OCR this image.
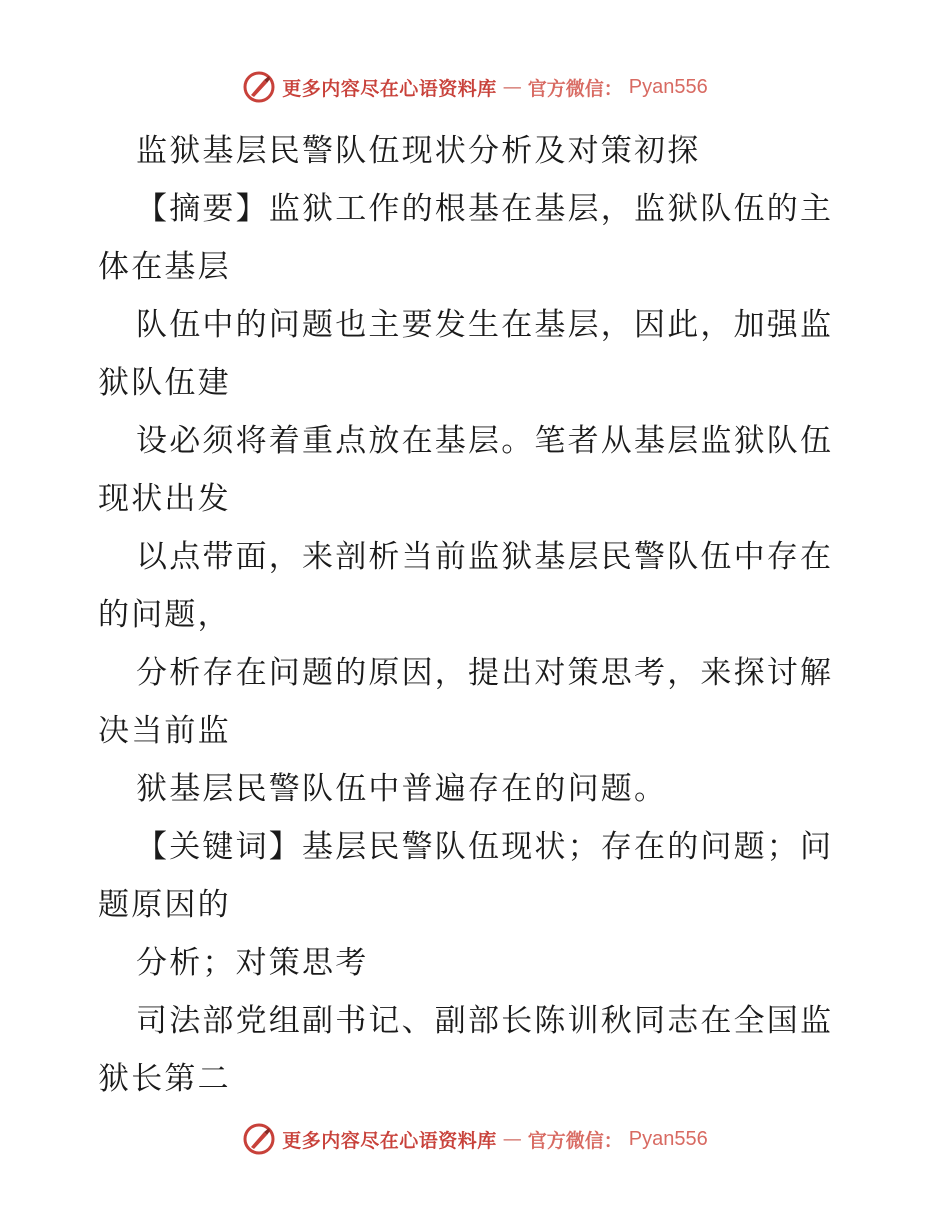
更多内容尽在心语资料库 — 官方微信： Pyan556
监狱基层民警队伍现状分析及对策初探
【摘要】监狱工作的根基在基层，监狱队伍的主
体在基层
队伍中的问题也主要发生在基层，因此，加强监
狱队伍建
设必须将着重点放在基层。笔者从基层监狱队伍
现状出发
以点带面，来剖析当前监狱基层民警队伍中存在
的问题，
分析存在问题的原因，提出对策思考，来探讨解
决当前监
狱基层民警队伍中普遍存在的问题。
【关键词】基层民警队伍现状；存在的问题；问
题原因的
分析；对策思考
司法部党组副书记、副部长陈训秋同志在全国监
狱长第二
更多内容尽在心语资料库 — 官方微信： Pyan556
